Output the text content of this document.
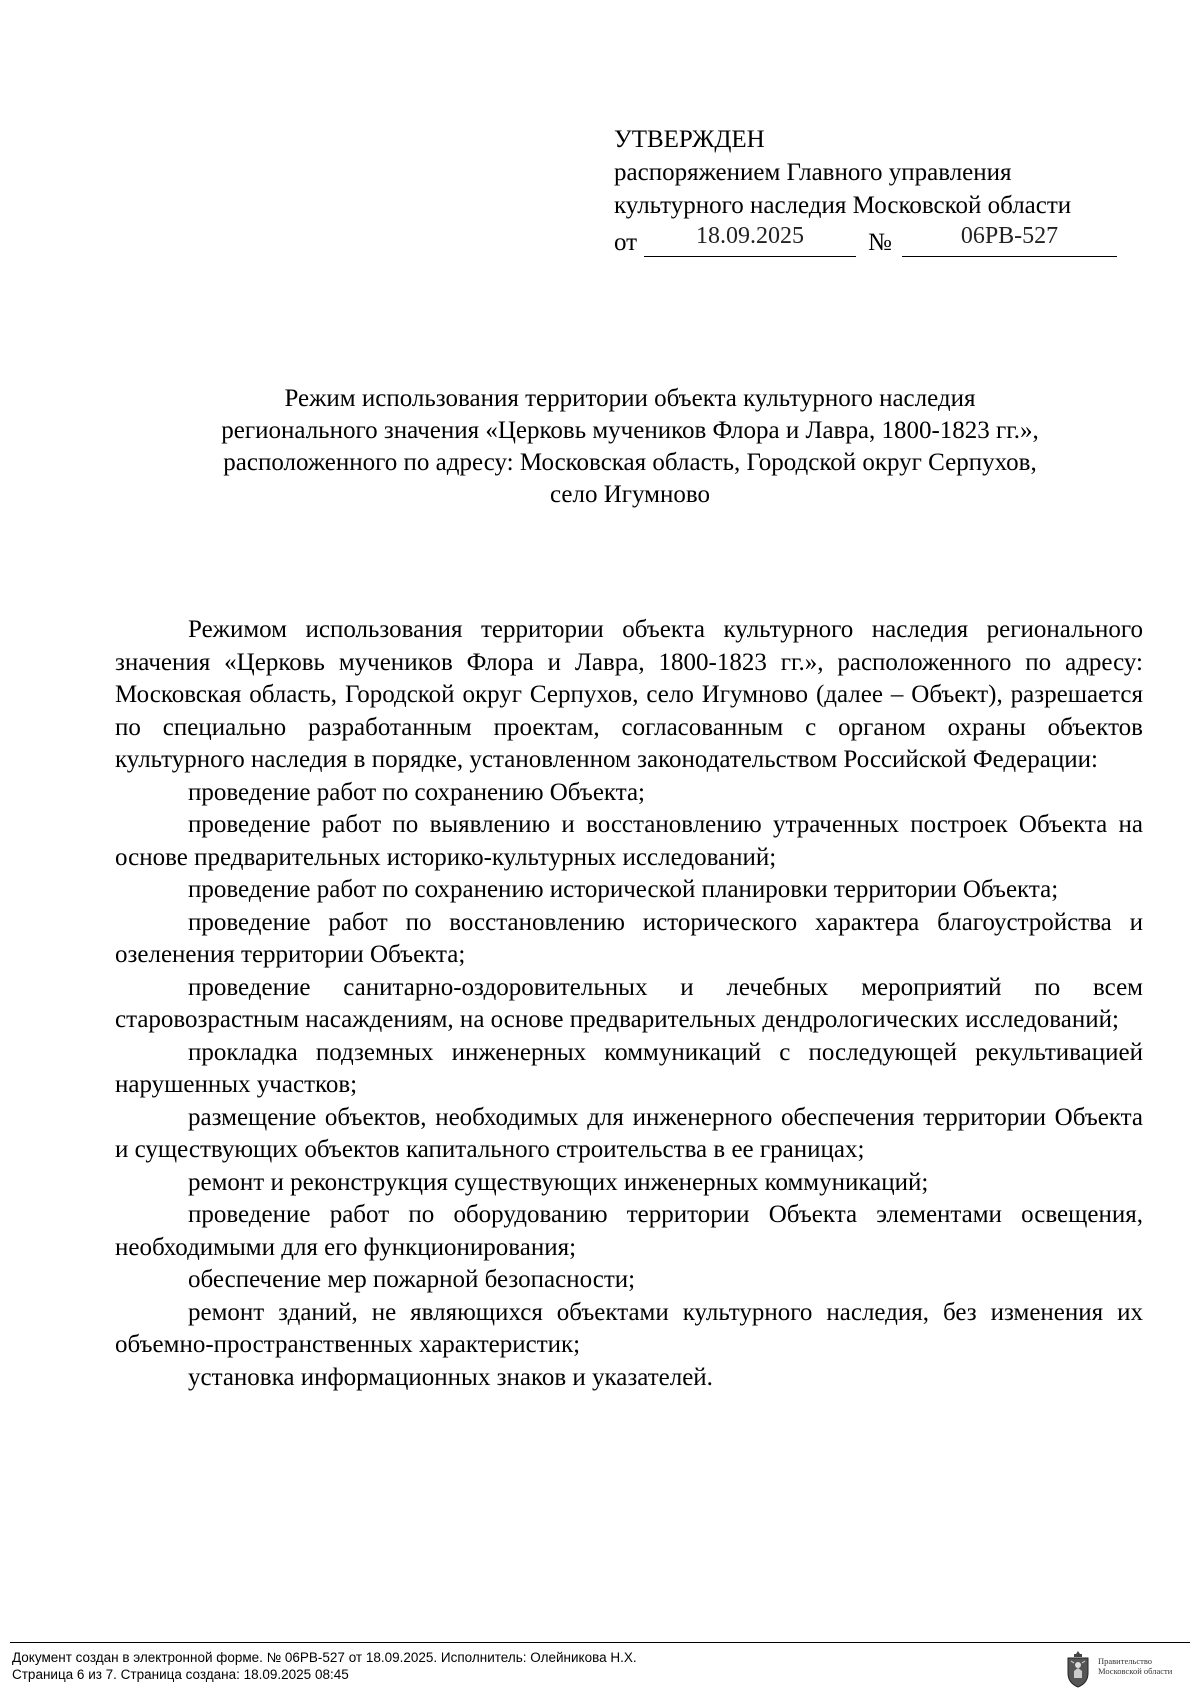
УТВЕРЖДЕН
распоряжением Главного управления
культурного наследия Московской области
от	18.09.2025	№	06РВ-527
Режим использования территории объекта культурного наследия
регионального значения «Церковь мучеников Флора и Лавра, 1800-1823 гг.»,
расположенного по адресу: Московская область, Городской округ Серпухов,
село Игумново

Режимом использования территории объекта культурного наследия регионального значения «Церковь мучеников Флора и Лавра, 1800-1823 гг.», расположенного по адресу: Московская область, Городской округ Серпухов, село Игумново (далее – Объект), разрешается по специально разработанным проектам, согласованным с органом охраны объектов культурного наследия в порядке, установленном законодательством Российской Федерации:

проведение работ по сохранению Объекта;

проведение работ по выявлению и восстановлению утраченных построек Объекта на основе предварительных историко-культурных исследований;

проведение работ по сохранению исторической планировки территории Объекта;

проведение работ по восстановлению исторического характера благоустройства и озеленения территории Объекта;

проведение санитарно-оздоровительных и лечебных мероприятий по всем старовозрастным насаждениям, на основе предварительных дендрологических исследований;

прокладка подземных инженерных коммуникаций с последующей рекультивацией нарушенных участков;

размещение объектов, необходимых для инженерного обеспечения территории Объекта и существующих объектов капитального строительства в ее границах;

ремонт и реконструкция существующих инженерных коммуникаций;

проведение работ по оборудованию территории Объекта элементами освещения, необходимыми для его функционирования;

обеспечение мер пожарной безопасности;

ремонт зданий, не являющихся объектами культурного наследия, без изменения их объемно-пространственных характеристик;

установка информационных знаков и указателей.

Документ создан в электронной форме. № 06РВ-527 от 18.09.2025. Исполнитель: Олейникова Н.Х.
Страница 6 из 7. Страница создана: 18.09.2025 08:45
Правительство
Московской области
